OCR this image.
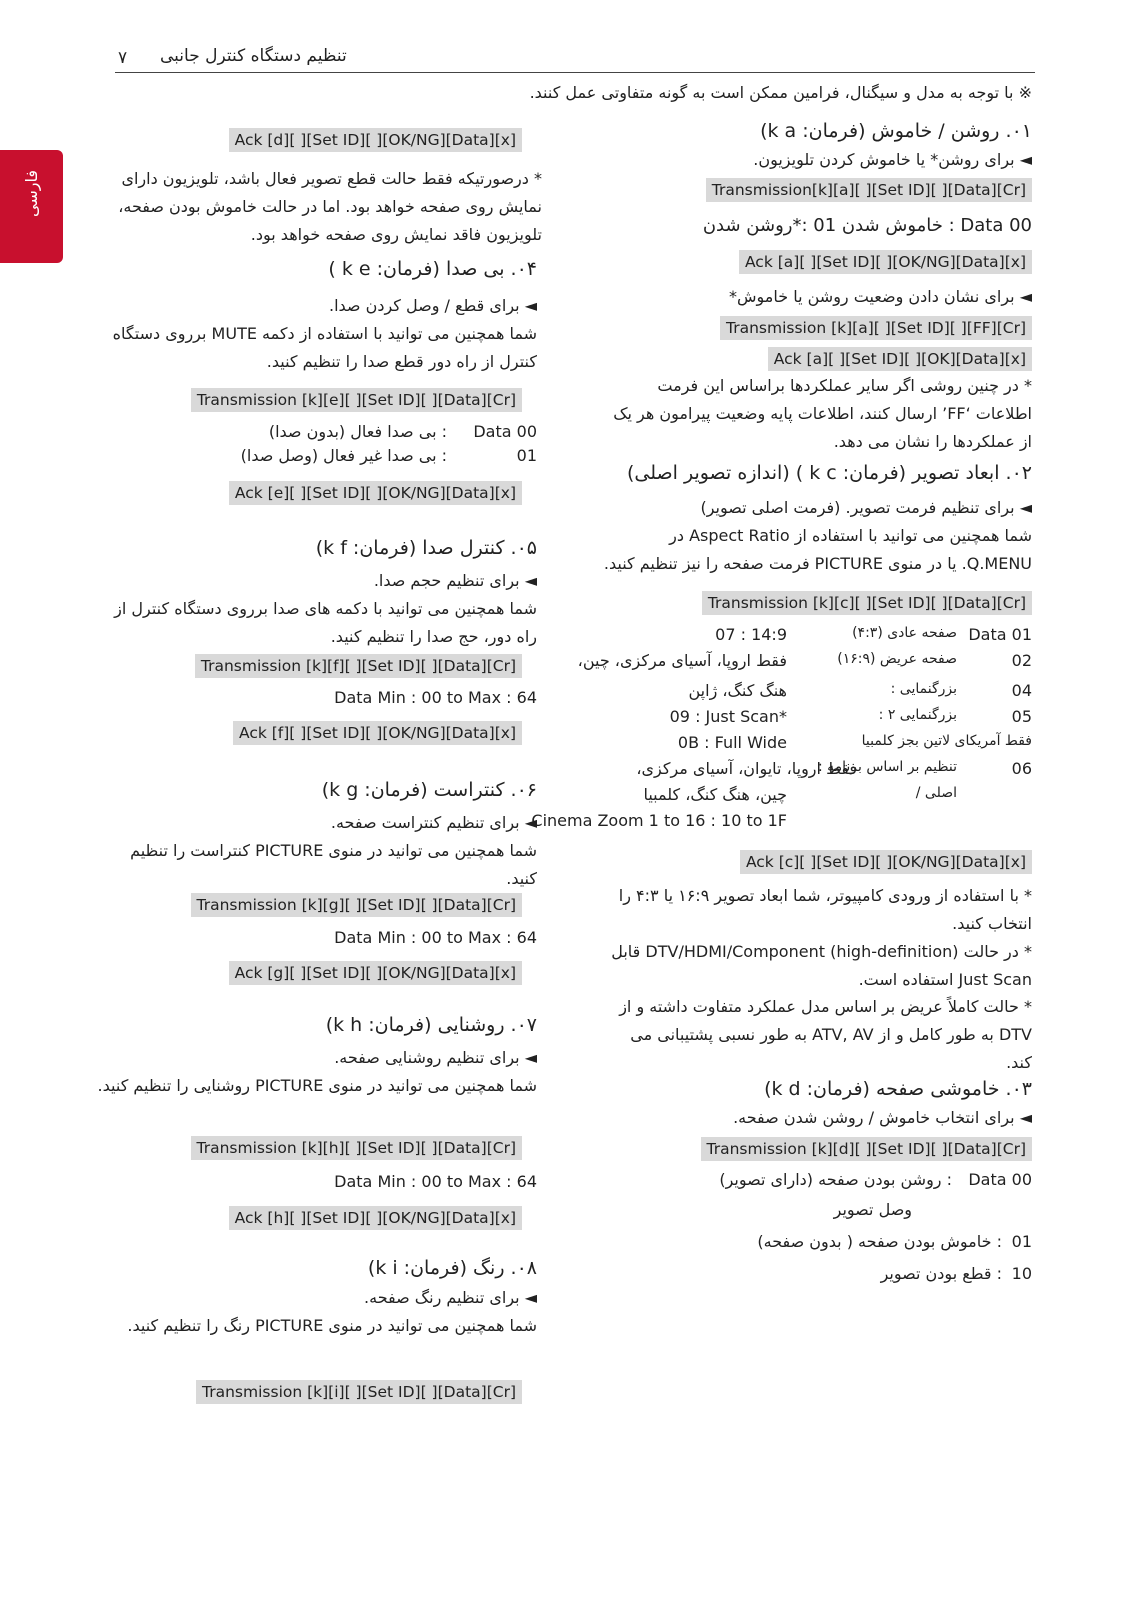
۷ تنظیم دستگاه کنترل جانبی
فارسی
※ با توجه به مدل و سیگنال، فرامین ممکن است به گونه متفاوتی عمل کنند.
۰۱. روشن / خاموش (فرمان: k a)
◄ برای روشن* یا خاموش کردن تلویزیون.
Transmission[k][a][ ][Set ID][ ][Data][Cr]
Data 00 : خاموش شدن 01 :*روشن شدن
Ack [a][ ][Set ID][ ][OK/NG][Data][x]
◄ برای نشان دادن وضعیت روشن یا خاموش*
Transmission [k][a][ ][Set ID][ ][FF][Cr]
Ack [a][ ][Set ID][ ][OK][Data][x]
* در چنین روشی اگر سایر عملکردها براساس این فرمت اطلاعات ‘FF’ ارسال کنند، اطلاعات پایه وضعیت پیرامون هر یک از عملکردها را نشان می دهد.
۰۲. ابعاد تصویر (فرمان: k c ) (اندازه تصویر اصلی)
◄ برای تنظیم فرمت تصویر. (فرمت اصلی تصویر)
شما همچنین می توانید با استفاده از Aspect Ratio در
Q.MENU. یا در منوی PICTURE فرمت صفحه را نیز تنظیم کنید.
Transmission [k][c][ ][Set ID][ ][Data][Cr]
Data 01
صفحه عادی (۴:۳)
07 : 14:9
02
صفحه عریض (۱۶:۹)
فقط اروپا، آسیای مرکزی، چین،
04
بزرگنمایی :
هنگ کنگ، ژاپن
05
بزرگنمایی ۲ :
09 : Just Scan*
فقط آمریکای لاتین بجز کلمبیا
0B : Full Wide
06
تنظیم بر اساس برنامه :
فقط اروپا، تایوان، آسیای مرکزی،
اصلی /
چین، هنگ کنگ، کلمبیا
Cinema Zoom 1 to 16 : 10 to 1F
Ack [c][ ][Set ID][ ][OK/NG][Data][x]
* با استفاده از ورودی کامپیوتر، شما ابعاد تصویر ۱۶:۹ یا ۴:۳ را انتخاب کنید.
* در حالت DTV/HDMI/Component (high-definition) قابل Just Scan استفاده است.
* حالت کاملاً عریض بر اساس مدل عملکرد متفاوت داشته و از DTV به طور کامل و از ATV, AV به طور نسبی پشتیبانی می کند.
۰۳. خاموشی صفحه (فرمان: k d)
◄ برای انتخاب خاموش / روشن شدن صفحه.
Transmission [k][d][ ][Set ID][ ][Data][Cr]
Data 00
: روشن بودن صفحه (دارای تصویر)
وصل تصویر
01
: خاموش بودن صفحه ( بدون صفحه)
10
: قطع بودن تصویر
Ack [d][ ][Set ID][ ][OK/NG][Data][x]
* درصورتیکه فقط حالت قطع تصویر فعال باشد، تلویزیون دارای نمایش روی صفحه خواهد بود. اما در حالت خاموش بودن صفحه، تلویزیون فاقد نمایش روی صفحه خواهد بود.
۰۴. بی صدا (فرمان: k e )
◄ برای قطع / وصل کردن صدا.
شما همچنین می توانید با استفاده از دکمه MUTE برروی دستگاه کنترل از راه دور قطع صدا را تنظیم کنید.
Transmission [k][e][ ][Set ID][ ][Data][Cr]
Data 00
: بی صدا فعال (بدون صدا)
01
: بی صدا غیر فعال (وصل صدا)
Ack [e][ ][Set ID][ ][OK/NG][Data][x]
۰۵. کنترل صدا (فرمان: k f)
◄ برای تنظیم حجم صدا.
شما همچنین می توانید با دکمه های صدا برروی دستگاه کنترل از راه دور، حج صدا را تنظیم کنید.
Transmission [k][f][ ][Set ID][ ][Data][Cr]
Data Min : 00 to Max : 64
Ack [f][ ][Set ID][ ][OK/NG][Data][x]
۰۶. کنتراست (فرمان: k g)
◄ برای تنظیم کنتراست صفحه.
شما همچنین می توانید در منوی PICTURE کنتراست را تنظیم کنید.
Transmission [k][g][ ][Set ID][ ][Data][Cr]
Data Min : 00 to Max : 64
Ack [g][ ][Set ID][ ][OK/NG][Data][x]
۰۷. روشنایی (فرمان: k h)
◄ برای تنظیم روشنایی صفحه.
شما همچنین می توانید در منوی PICTURE روشنایی را تنظیم کنید.
Transmission [k][h][ ][Set ID][ ][Data][Cr]
Data Min : 00 to Max : 64
Ack [h][ ][Set ID][ ][OK/NG][Data][x]
۰۸. رنگ (فرمان: k i)
◄ برای تنظیم رنگ صفحه.
شما همچنین می توانید در منوی PICTURE رنگ را تنظیم کنید.
Transmission [k][i][ ][Set ID][ ][Data][Cr]
